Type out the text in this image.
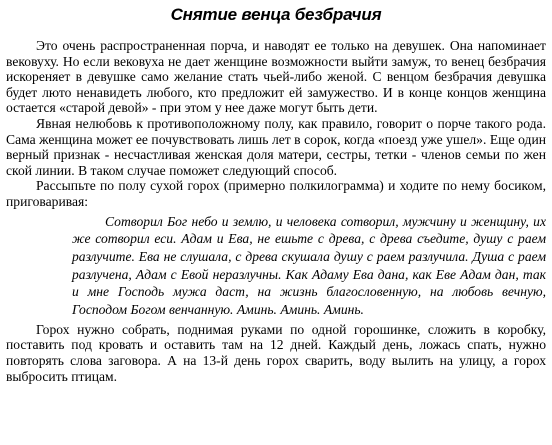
Снятие венца безбрачия

Это очень распространенная порча, и наводят ее только на девушек. Она напоминает вековуху. Но если вековуха не дает женщине возможности выйти замуж, то венец безбрачия искореняет в девушке само желание стать чьей-либо женой. С венцом безбрачия девушка будет люто ненавидеть любого, кто предложит ей замужество. И в конце концов женщина остается «старой девой» - при этом у нее даже могут быть дети.

Явная нелюбовь к противоположному полу, как правило, говорит о порче такого рода. Сама женщина может ее почувствовать лишь лет в сорок, когда «поезд уже ушел». Еще один верный признак - несчастливая женская доля матери, сестры, тетки - членов семьи по жен ской линии. В таком случае поможет следующий способ.

Рассыпьте по полу сухой горох (примерно полкилограмма) и ходите по нему босиком, приговаривая:

Сотворил Бог небо и землю, и человека сотворил, мужчину и женщину, их же сотворил еси. Адам и Ева, не ешьте с древа, с древа съедите, душу с раем разлучите. Ева не слушала, с древа скушала душу с раем разлучила. Душа с раем разлучена, Адам с Евой неразлучны. Как Адаму Ева дана, как Еве Адам дан, так и мне Господь мужа даст, на жизнь благословенную, на любовь вечную, Господом Богом венчанную. Аминь. Аминь. Аминь.

Горох нужно собрать, поднимая руками по одной горошинке, сложить в коробку, поставить под кровать и оставить там на 12 дней. Каждый день, ложась спать, нужно повторять слова заговора. А на 13-й день горох сварить, воду вылить на улицу, а горох выбросить птицам.
